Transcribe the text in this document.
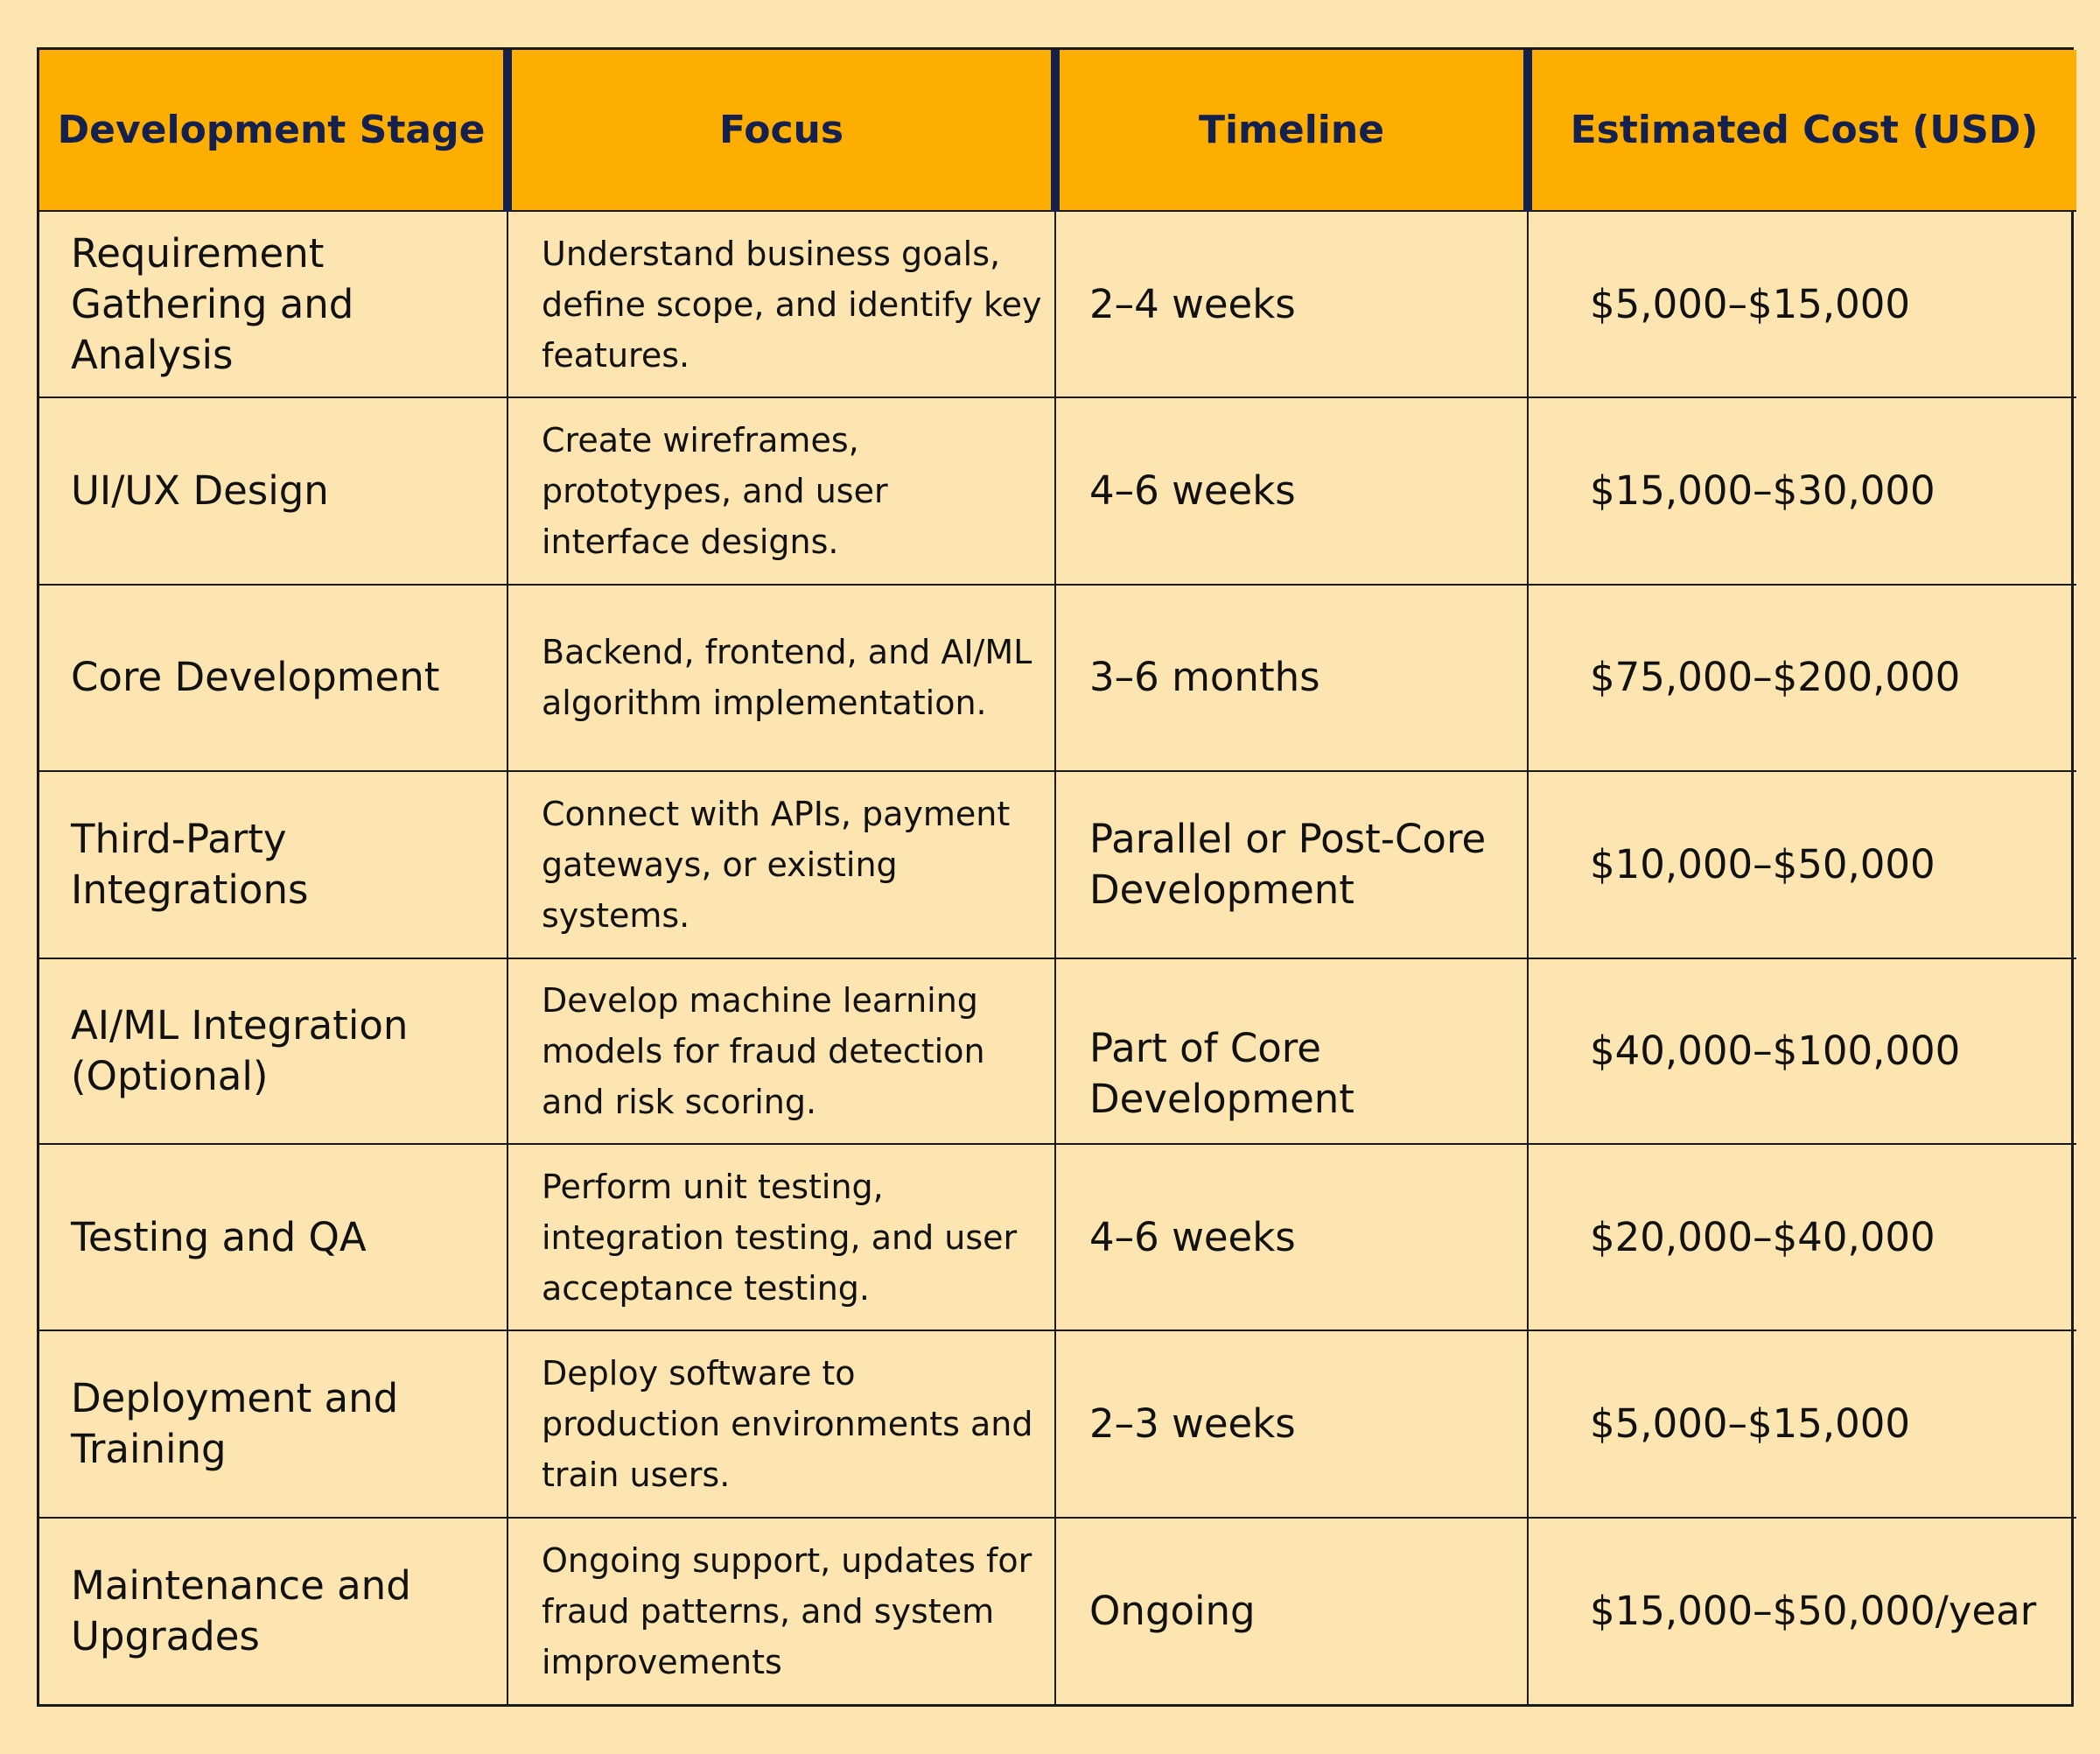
Development Stage	Focus	Timeline	Estimated Cost (USD)
Requirement Gathering and Analysis	Understand business goals, define scope, and identify key features.	2–4 weeks	$5,000–$15,000
UI/UX Design	Create wireframes, prototypes, and user interface designs.	4–6 weeks	$15,000–$30,000
Core Development	Backend, frontend, and AI/ML algorithm implementation.	3–6 months	$75,000–$200,000
Third-Party Integrations	Connect with APIs, payment gateways, or existing systems.	Parallel or Post-Core Development	$10,000–$50,000
AI/ML Integration (Optional)	Develop machine learning models for fraud detection and risk scoring.	Part of Core Development	$40,000–$100,000
Testing and QA	Perform unit testing, integration testing, and user acceptance testing.	4–6 weeks	$20,000–$40,000
Deployment and Training	Deploy software to production environments and train users.	2–3 weeks	$5,000–$15,000
Maintenance and Upgrades	Ongoing support, updates for fraud patterns, and system improvements	Ongoing	$15,000–$50,000/year
